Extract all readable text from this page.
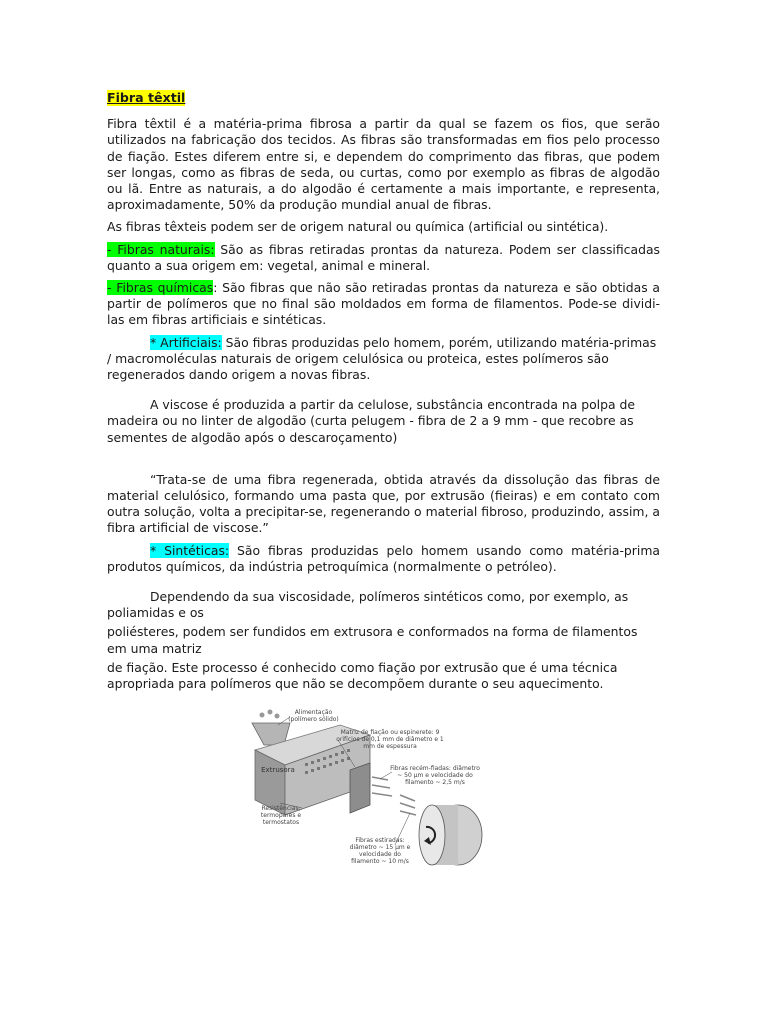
Fibra têxtil

Fibra têxtil é a matéria-prima fibrosa a partir da qual se fazem os fios, que serão utilizados na fabricação dos tecidos. As fibras são transformadas em fios pelo processo de fiação. Estes diferem entre si, e dependem do comprimento das fibras, que podem ser longas, como as fibras de seda, ou curtas, como por exemplo as fibras de algodão ou lã. Entre as naturais, a do algodão é certamente a mais importante, e representa, aproximadamente, 50% da produção mundial anual de fibras.

As fibras têxteis podem ser de origem natural ou química (artificial ou sintética).

- Fibras naturais: São as fibras retiradas prontas da natureza. Podem ser classificadas quanto a sua origem em: vegetal, animal e mineral.

- Fibras químicas: São fibras que não são retiradas prontas da natureza e são obtidas a partir de polímeros que no final são moldados em forma de filamentos. Pode-se dividi-las em fibras artificiais e sintéticas.

* Artificiais: São fibras produzidas pelo homem, porém, utilizando matéria-primas / macromoléculas naturais de origem celulósica ou proteica, estes polímeros são regenerados dando origem a novas fibras.

A viscose é produzida a partir da celulose, substância encontrada na polpa de madeira ou no linter de algodão (curta pelugem - fibra de 2 a 9 mm - que recobre as sementes de algodão após o descaroçamento)

“Trata-se de uma fibra regenerada, obtida através da dissolução das fibras de material celulósico, formando uma pasta que, por extrusão (fieiras) e em contato com outra solução, volta a precipitar-se, regenerando o material fibroso, produzindo, assim, a fibra artificial de viscose.”

* Sintéticas: São fibras produzidas pelo homem usando como matéria-prima produtos químicos, da indústria petroquímica (normalmente o petróleo).

Dependendo da sua viscosidade, polímeros sintéticos como, por exemplo, as poliamidas e os

poliésteres, podem ser fundidos em extrusora e conformados na forma de filamentos em uma matriz

de fiação. Este processo é conhecido como fiação por extrusão que é uma técnica apropriada para polímeros que não se decompõem durante o seu aquecimento.

Alimentação (polímero sólido)
Matriz de fiação ou espinerete: 9 orifícios de 0,1 mm de diâmetro e 1 mm de espessura
Extrusora	Fibras recém-fiadas: diâmetro ~ 50 µm e velocidade do filamento ~ 2,5 m/s
Resistências, termopares e termostatos
Fibras estiradas: diâmetro ~ 15 µm e velocidade do filamento ~ 10 m/s
